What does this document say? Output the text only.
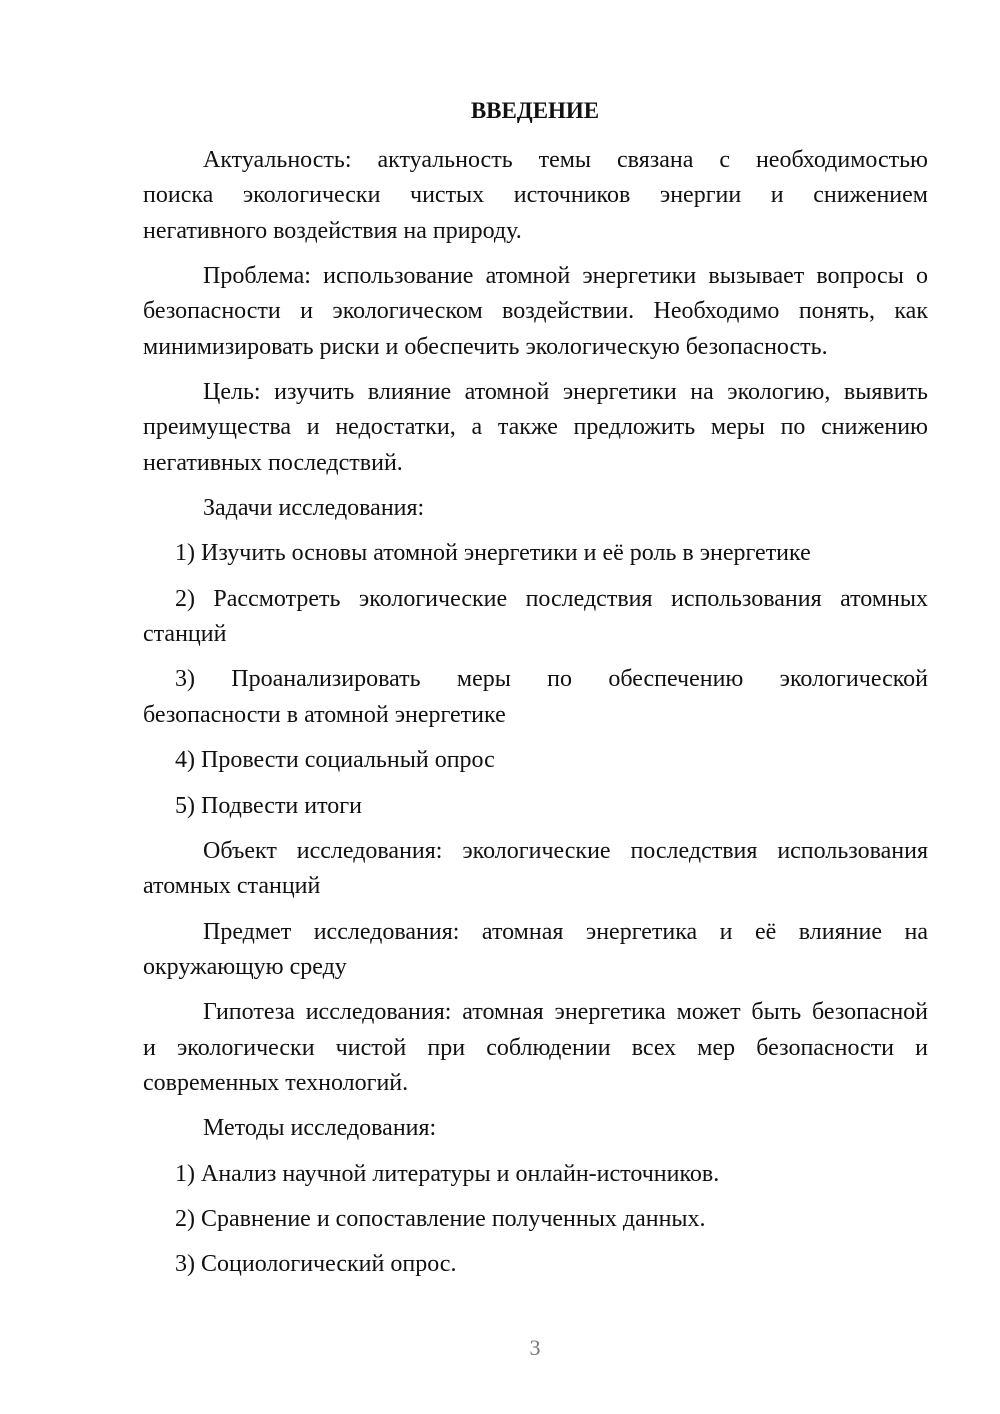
ВВЕДЕНИЕ
Актуальность: актуальность темы связана с необходимостью
поиска экологически чистых источников энергии и снижением
негативного воздействия на природу.
Проблема: использование атомной энергетики вызывает вопросы о
безопасности и экологическом воздействии. Необходимо понять, как
минимизировать риски и обеспечить экологическую безопасность.
Цель: изучить влияние атомной энергетики на экологию, выявить
преимущества и недостатки, а также предложить меры по снижению
негативных последствий.
Задачи исследования:
1) Изучить основы атомной энергетики и её роль в энергетике
2) Рассмотреть экологические последствия использования атомных
станций
3) Проанализировать меры по обеспечению экологической
безопасности в атомной энергетике
4) Провести социальный опрос
5) Подвести итоги
Объект исследования: экологические последствия использования
атомных станций
Предмет исследования: атомная энергетика и её влияние на
окружающую среду
Гипотеза исследования: атомная энергетика может быть безопасной
и экологически чистой при соблюдении всех мер безопасности и
современных технологий.
Методы исследования:
1) Анализ научной литературы и онлайн-источников.
2) Сравнение и сопоставление полученных данных.
3) Социологический опрос.
3
